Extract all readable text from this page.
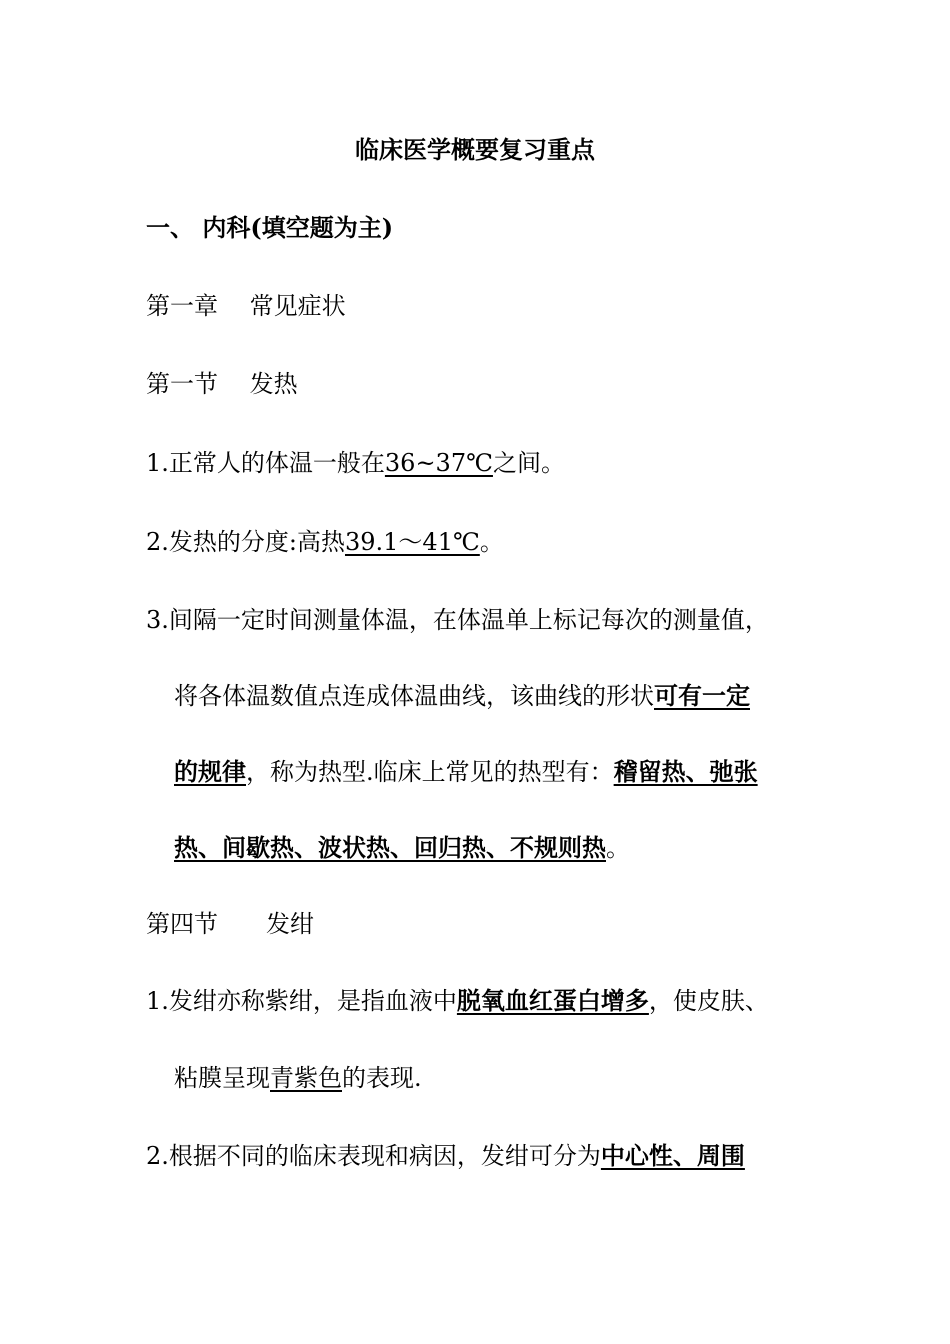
临床医学概要复习重点
一、 内科(填空题为主)
第一章　 常见症状
第一节　 发热
1.正常人的体温一般在36~37℃之间。
2.发热的分度:高热39.1～41℃。
3.间隔一定时间测量体温，在体温单上标记每次的测量值，
将各体温数值点连成体温曲线，该曲线的形状可有一定
的规律，称为热型.临床上常见的热型有：稽留热、弛张
热、间歇热、波状热、回归热、不规则热。
第四节　　发绀
1.发绀亦称紫绀，是指血液中脱氧血红蛋白增多，使皮肤、
粘膜呈现青紫色的表现.
2.根据不同的临床表现和病因，发绀可分为中心性、周围
